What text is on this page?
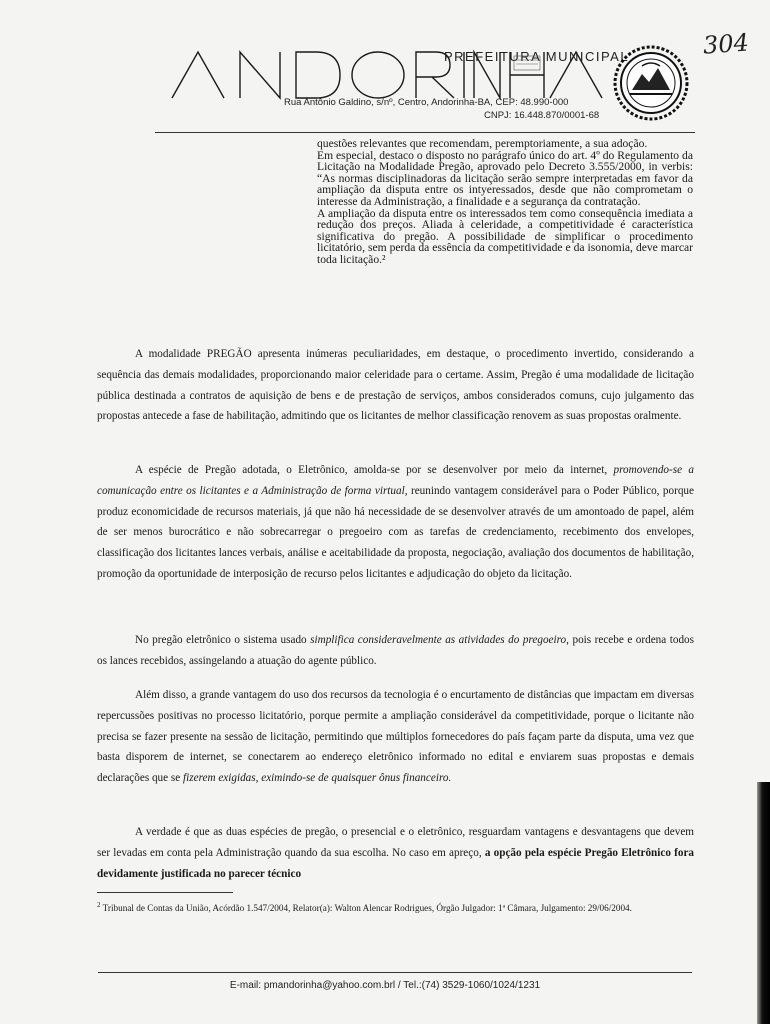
304
PREFEITURA MUNICIPAL
Rua Antônio Galdino, s/nº, Centro, Andorinha-BA, CEP: 48.990-000
CNPJ: 16.448.870/0001-68

questões relevantes que recomendam, peremptoriamente, a sua adoção.

Em especial, destaco o disposto no parágrafo único do art. 4º do Regulamento da Licitação na Modalidade Pregão, aprovado pelo Decreto 3.555/2000, in verbis: “As normas disciplinadoras da licitação serão sempre interpretadas em favor da ampliação da disputa entre os intyeressados, desde que não comprometam o interesse da Administração, a finalidade e a segurança da contratação.

A ampliação da disputa entre os interessados tem como consequência imediata a redução dos preços. Aliada à celeridade, a competitividade é característica significativa do pregão. A possibilidade de simplificar o procedimento licitatório, sem perda da essência da competitividade e da isonomia, deve marcar toda licitação.²

A modalidade PREGÃO apresenta inúmeras peculiaridades, em destaque, o procedimento invertido, considerando a sequência das demais modalidades, proporcionando maior celeridade para o certame. Assim, Pregão é uma modalidade de licitação pública destinada a contratos de aquisição de bens e de prestação de serviços, ambos considerados comuns, cujo julgamento das propostas antecede a fase de habilitação, admitindo que os licitantes de melhor classificação renovem as suas propostas oralmente.

A espécie de Pregão adotada, o Eletrônico, amolda-se por se desenvolver por meio da internet, promovendo-se a comunicação entre os licitantes e a Administração de forma virtual, reunindo vantagem considerável para o Poder Público, porque produz economicidade de recursos materiais, já que não há necessidade de se desenvolver através de um amontoado de papel, além de ser menos burocrático e não sobrecarregar o pregoeiro com as tarefas de credenciamento, recebimento dos envelopes, classificação dos licitantes lances verbais, análise e aceitabilidade da proposta, negociação, avaliação dos documentos de habilitação, promoção da oportunidade de interposição de recurso pelos licitantes e adjudicação do objeto da licitação.

No pregão eletrônico o sistema usado simplifica consideravelmente as atividades do pregoeiro, pois recebe e ordena todos os lances recebidos, assingelando a atuação do agente público.

Além disso, a grande vantagem do uso dos recursos da tecnologia é o encurtamento de distâncias que impactam em diversas repercussões positivas no processo licitatório, porque permite a ampliação considerável da competitividade, porque o licitante não precisa se fazer presente na sessão de licitação, permitindo que múltiplos fornecedores do país façam parte da disputa, uma vez que basta disporem de internet, se conectarem ao endereço eletrônico informado no edital e enviarem suas propostas e demais declarações que se fizerem exigidas, eximindo-se de quaisquer ônus financeiro.

A verdade é que as duas espécies de pregão, o presencial e o eletrônico, resguardam vantagens e desvantagens que devem ser levadas em conta pela Administração quando da sua escolha. No caso em apreço, a opção pela espécie Pregão Eletrônico fora devidamente justificada no parecer técnico

$^2$ Tribunal de Contas da União, Acórdão 1.547/2004, Relator(a): Walton Alencar Rodrigues, Órgão Julgador: 1ª Câmara, Julgamento: 29/06/2004.
E-mail: pmandorinha@yahoo.com.brl / Tel.:(74) 3529-1060/1024/1231
